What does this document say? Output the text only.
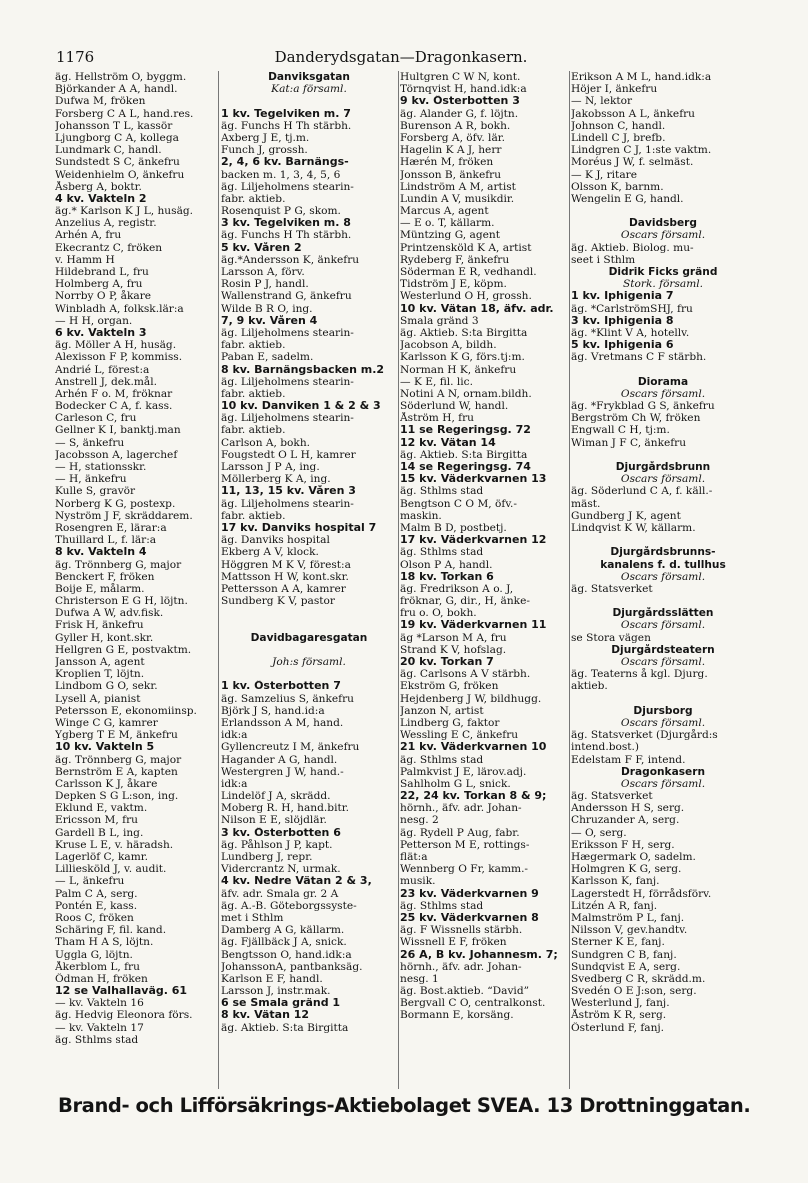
1176	Danderydsgatan—Dragonkasern.
äg. Hellström O, byggm.
Björkander A A, handl.
Dufwa M, fröken
Forsberg C A L, hand.res.
Johansson T L, kassör
Ljungborg C A, kollega
Lundmark C, handl.
Sundstedt S C, änkefru
Weidenhielm O, änkefru
Åsberg A, boktr.
4 kv. Vakteln 2
äg.* Karlson K J L, husäg.
Anzelius A, registr.
Arhén A, fru
Ekecrantz C, fröken
v. Hamm H
Hildebrand L, fru
Holmberg A, fru
Norrby O P, åkare
Winbladh A, folksk.lär:a
— H H, organ.
6 kv. Vakteln 3
äg. Möller A H, husäg.
Alexisson F P, kommiss.
Andrié L, förest:a
Anstrell J, dek.mål.
Arhén F o. M, fröknar
Bodecker C A, f. kass.
Carleson C, fru
Gellner K I, banktj.man
— S, änkefru
Jacobsson A, lagerchef
— H, stationsskr.
— H, änkefru
Kulle S, gravör
Norberg K G, postexp.
Nyström J F, skräddarem.
Rosengren E, lärar:a
Thuillard L, f. lär:a
8 kv. Vakteln 4
äg. Trönnberg G, major
Benckert F, fröken
Boije E, målarm.
Christerson E G H, löjtn.
Dufwa A W, adv.fisk.
Frisk H, änkefru
Gyller H, kont.skr.
Hellgren G E, postvaktm.
Jansson A, agent
Kroplien T, löjtn.
Lindbom G O, sekr.
Lysell A, pianist
Petersson E, ekonomiinsp.
Winge C G, kamrer
Ygberg T E M, änkefru
10 kv. Vakteln 5
äg. Trönnberg G, major
Bernström E A, kapten
Carlsson K J, åkare
Depken S G L:son, ing.
Eklund E, vaktm.
Ericsson M, fru
Gardell B L, ing.
Kruse L E, v. häradsh.
Lagerlöf C, kamr.
Lilliesköld J, v. audit.
— L, änkefru
Palm C A, serg.
Pontén E, kass.
Roos C, fröken
Schäring F, fil. kand.
Tham H A S, löjtn.
Uggla G, löjtn.
Åkerblom L, fru
Ödman H, fröken
12 se Valhallaväg. 61
— kv. Vakteln 16
äg. Hedvig Eleonora förs.
— kv. Vakteln 17
äg. Sthlms stad
Danviksgatan
Kat:a församl.

1 kv. Tegelviken m. 7
äg. Funchs H Th stärbh.
Axberg J E, tj.m.
Funch J, grossh.
2, 4, 6 kv. Barnängs-
backen m. 1, 3, 4, 5, 6
äg. Liljeholmens stearin-
fabr. aktieb.
Rosenquist P G, skom.
3 kv. Tegelviken m. 8
äg. Funchs H Th stärbh.
5 kv. Våren 2
äg.*Andersson K, änkefru
Larsson A, förv.
Rosin P J, handl.
Wallenstrand G, änkefru
Wilde B R O, ing.
7, 9 kv. Våren 4
äg. Liljeholmens stearin-
fabr. aktieb.
Paban E, sadelm.
8 kv. Barnängsbacken m.2
äg. Liljeholmens stearin-
fabr. aktieb.
10 kv. Danviken 1 & 2 & 3
äg. Liljeholmens stearin-
fabr. aktieb.
Carlson A, bokh.
Fougstedt O L H, kamrer
Larsson J P A, ing.
Möllerberg K A, ing.
11, 13, 15 kv. Våren 3
äg. Liljeholmens stearin-
fabr. aktieb.
17 kv. Danviks hospital 7
äg. Danviks hospital
Ekberg A V, klock.
Höggren M K V, förest:a
Mattsson H W, kont.skr.
Pettersson A A, kamrer
Sundberg K V, pastor

Davidbagaresgatan

Joh:s församl.

1 kv. Österbotten 7
äg. Samzelius S, änkefru
Björk J S, hand.id:a
Erlandsson A M, hand.
idk:a
Gyllencreutz I M, änkefru
Hagander A G, handl.
Westergren J W, hand.-
idk:a
Lindelöf J A, skrädd.
Moberg R. H, hand.bitr.
Nilson E E, slöjdlär.
3 kv. Österbotten 6
äg. Påhlson J P, kapt.
Lundberg J, repr.
Vidercrantz N, urmak.
4 kv. Nedre Vätan 2 & 3,
äfv. adr. Smala gr. 2 A
äg. A.-B. Göteborgssyste-
met i Sthlm
Damberg A G, källarm.
äg. Fjällbäck J A, snick.
Bengtsson O, hand.idk:a
JohanssonA, pantbanksäg.
Karlson E F, handl.
Larsson J, instr.mak.
6 se Smala gränd 1
8 kv. Vätan 12
äg. Aktieb. S:ta Birgitta
Hultgren C W N, kont.
Törnqvist H, hand.idk:a
9 kv. Österbotten 3
äg. Alander G, f. löjtn.
Burenson A R, bokh.
Forsberg A, öfv. lär.
Hagelin K A J, herr
Hærén M, fröken
Jonsson B, änkefru
Lindström A M, artist
Lundin A V, musikdir.
Marcus A, agent
— E o. T, källarm.
Müntzing G, agent
Printzensköld K A, artist
Rydeberg F, änkefru
Söderman E R, vedhandl.
Tidström J E, köpm.
Westerlund O H, grossh.
10 kv. Vätan 18, äfv. adr.
Smala gränd 3
äg. Aktieb. S:ta Birgitta
Jacobson A, bildh.
Karlsson K G, förs.tj:m.
Norman H K, änkefru
— K E, fil. lic.
Notini A N, ornam.bildh.
Söderlund W, handl.
Åström H, fru
11 se Regeringsg. 72
12 kv. Vätan 14
äg. Aktieb. S:ta Birgitta
14 se Regeringsg. 74
15 kv. Väderkvarnen 13
äg. Sthlms stad
Bengtson C O M, öfv.-
maskin.
Malm B D, postbetj.
17 kv. Väderkvarnen 12
äg. Sthlms stad
Olson P A, handl.
18 kv. Torkan 6
äg. Fredrikson A o. J,
fröknar, G, dir., H, änke-
fru o. O, bokh.
19 kv. Väderkvarnen 11
äg *Larson M A, fru
Strand K V, hofslag.
20 kv. Torkan 7
äg. Carlsons A V stärbh.
Ekström G, fröken
Hejdenberg J W, bildhugg.
Janzon N, artist
Lindberg G, faktor
Wessling E C, änkefru
21 kv. Väderkvarnen 10
äg. Sthlms stad
Palmkvist J E, lärov.adj.
Sahlholm G L, snick.
22, 24 kv. Torkan 8 & 9;
hörnh., äfv. adr. Johan-
nesg. 2
äg. Rydell P Aug, fabr.
Petterson M E, rottings-
flät:a
Wennberg O Fr, kamm.-
musik.
23 kv. Väderkvarnen 9
äg. Sthlms stad
25 kv. Väderkvarnen 8
äg. F Wissnells stärbh.
Wissnell E F, fröken
26 A, B kv. Johannesm. 7;
hörnh., äfv. adr. Johan-
nesg. 1
äg. Bost.aktieb. “David”
Bergvall C O, centralkonst.
Bormann E, korsäng.
Erikson A M L, hand.idk:a
Höjer I, änkefru
— N, lektor
Jakobsson A L, änkefru
Johnson C, handl.
Lindell C J, brefb.
Lindgren C J, 1:ste vaktm.
Moréus J W, f. selmäst.
— K J, ritare
Olsson K, barnm.
Wengelin E G, handl.

Davidsberg
Oscars församl.
äg. Aktieb. Biolog. mu-
seet i Sthlm
Didrik Ficks gränd
Stork. församl.
1 kv. Iphigenia 7
äg. *CarlströmSHJ, fru
3 kv. Iphigenia 8
äg. *Klint V A, hotellv.
5 kv. Iphigenia 6
äg. Vretmans C F stärbh.

Diorama
Oscars församl.
äg. *Frykblad G S, änkefru
Bergström Ch W, fröken
Engwall C H, tj:m.
Wiman J F C, änkefru

Djurgårdsbrunn
Oscars församl.
äg. Söderlund C A, f. käll.-
mäst.
Gundberg J K, agent
Lindqvist K W, källarm.

Djurgårdsbrunns-
kanalens f. d. tullhus
Oscars församl.
äg. Statsverket

Djurgårdsslätten
Oscars församl.
se Stora vägen
Djurgårdsteatern
Oscars församl.
äg. Teaterns å kgl. Djurg.
aktieb.

Djursborg
Oscars församl.
äg. Statsverket (Djurgård:s
intend.bost.)
Edelstam F F, intend.
Dragonkasern
Oscars församl.
äg. Statsverket
Andersson H S, serg.
Chruzander A, serg.
— O, serg.
Eriksson F H, serg.
Hægermark O, sadelm.
Holmgren K G, serg.
Karlsson K, fanj.
Lagerstedt H, förrådsförv.
Litzén A R, fanj.
Malmström P L, fanj.
Nilsson V, gev.handtv.
Sterner K E, fanj.
Sundgren C B, fanj.
Sundqvist E A, serg.
Svedberg C R, skrädd.m.
Svedén O E J:son, serg.
Westerlund J, fanj.
Åström K R, serg.
Österlund F, fanj.
Brand- och Lifförsäkrings-Aktiebolaget SVEA. 13 Drottninggatan.
